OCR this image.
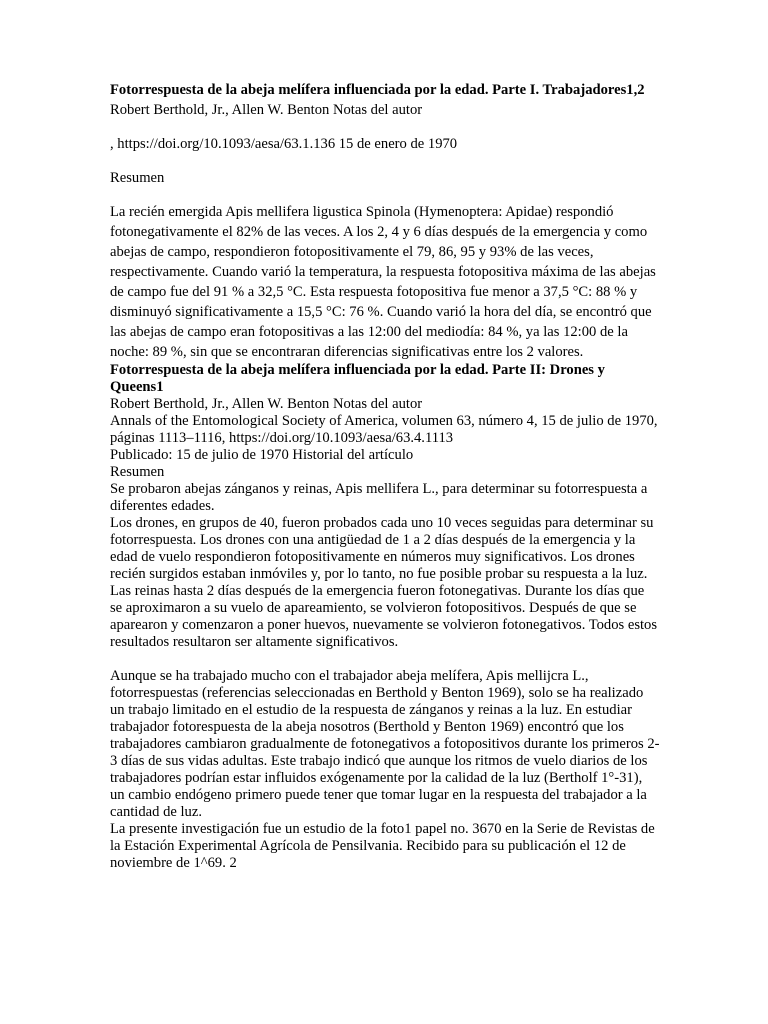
Fotorrespuesta de la abeja melífera influenciada por la edad. Parte I. Trabajadores1,2 Robert Berthold, Jr., Allen W. Benton Notas del autor

, https://doi.org/10.1093/aesa/63.1.136 15 de enero de 1970

Resumen

La recién emergida Apis mellifera ligustica Spinola (Hymenoptera: Apidae) respondió fotonegativamente el 82% de las veces. A los 2, 4 y 6 días después de la emergencia y como abejas de campo, respondieron fotopositivamente el 79, 86, 95 y 93% de las veces, respectivamente. Cuando varió la temperatura, la respuesta fotopositiva máxima de las abejas de campo fue del 91 % a 32,5 °C. Esta respuesta fotopositiva fue menor a 37,5 °C: 88 % y disminuyó significativamente a 15,5 °C: 76 %. Cuando varió la hora del día, se encontró que las abejas de campo eran fotopositivas a las 12:00 del mediodía: 84 %, ya las 12:00 de la noche: 89 %, sin que se encontraran diferencias significativas entre los 2 valores.

Fotorrespuesta de la abeja melífera influenciada por la edad. Parte II: Drones y Queens1

Robert Berthold, Jr., Allen W. Benton Notas del autor

Annals of the Entomological Society of America, volumen 63, número 4, 15 de julio de 1970, páginas 1113–1116, https://doi.org/10.1093/aesa/63.4.1113

Publicado: 15 de julio de 1970 Historial del artículo

Resumen

Se probaron abejas zánganos y reinas, Apis mellifera L., para determinar su fotorrespuesta a diferentes edades.

Los drones, en grupos de 40, fueron probados cada uno 10 veces seguidas para determinar su fotorrespuesta. Los drones con una antigüedad de 1 a 2 días después de la emergencia y la edad de vuelo respondieron fotopositivamente en números muy significativos. Los drones recién surgidos estaban inmóviles y, por lo tanto, no fue posible probar su respuesta a la luz.

Las reinas hasta 2 días después de la emergencia fueron fotonegativas. Durante los días que se aproximaron a su vuelo de apareamiento, se volvieron fotopositivos. Después de que se aparearon y comenzaron a poner huevos, nuevamente se volvieron fotonegativos. Todos estos resultados resultaron ser altamente significativos.

Aunque se ha trabajado mucho con el trabajador abeja melífera, Apis mellijcra L., fotorrespuestas (referencias seleccionadas en Berthold y Benton 1969), solo se ha realizado un trabajo limitado en el estudio de la respuesta de zánganos y reinas a la luz. En estudiar trabajador fotorespuesta de la abeja nosotros (Berthold y Benton 1969) encontró que los trabajadores cambiaron gradualmente de fotonegativos a fotopositivos durante los primeros 2-3 días de sus vidas adultas. Este trabajo indicó que aunque los ritmos de vuelo diarios de los trabajadores podrían estar influidos exógenamente por la calidad de la luz (Bertholf 1°-31), un cambio endógeno primero puede tener que tomar lugar en la respuesta del trabajador a la cantidad de luz.

La presente investigación fue un estudio de la foto1 papel no. 3670 en la Serie de Revistas de la Estación Experimental Agrícola de Pensilvania. Recibido para su publicación el 12 de noviembre de 1^69. 2
